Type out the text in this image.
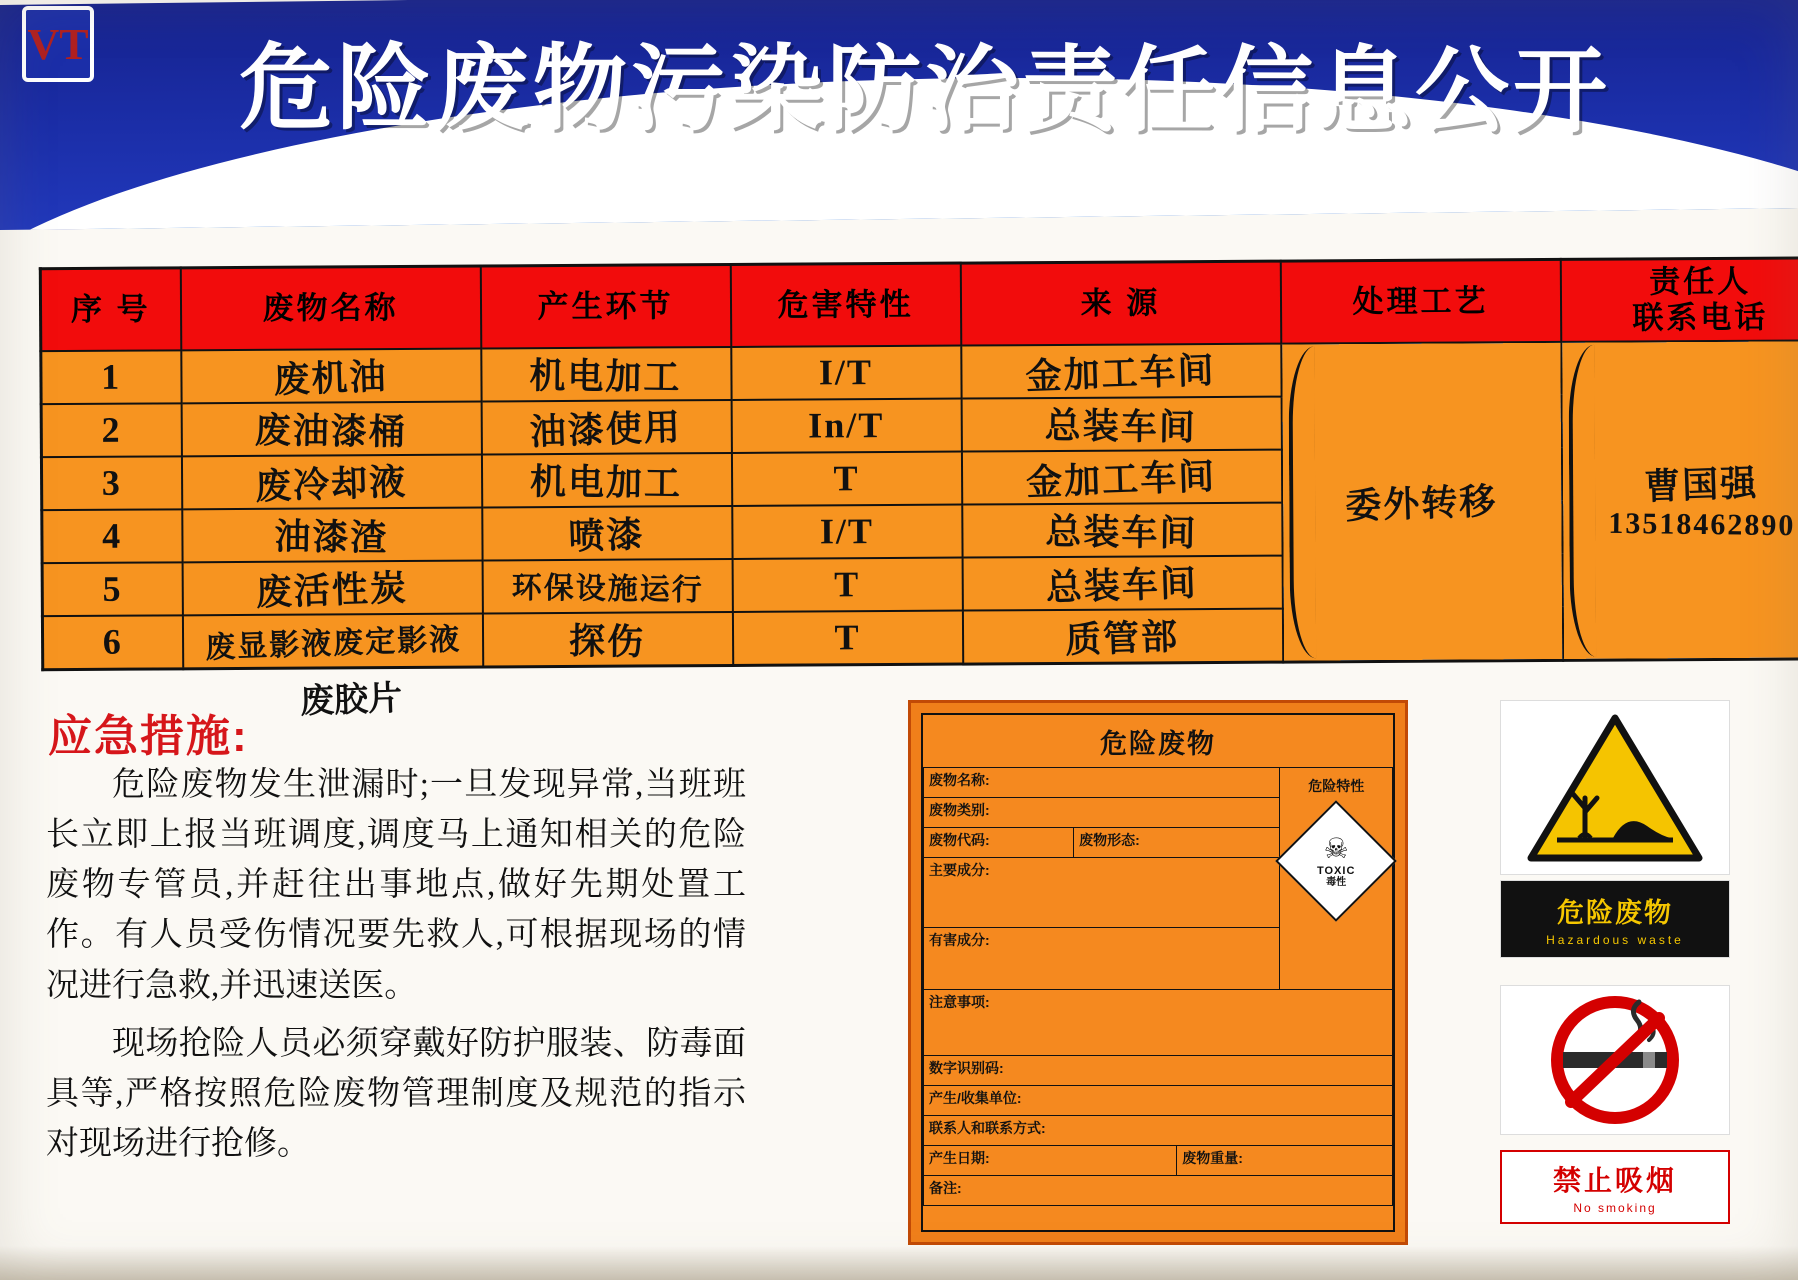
VT	危险废物污染防治责任信息公开
序 号	废物名称	产生环节	危害特性	来 源	处理工艺	责任人
联系电话

1	废机油	机电加工	I/T	金加工车间	委外转移	曹国强
13518462890

2	废油漆桶	油漆使用	In/T	总装车间		
3	废冷却液	机电加工	T	金加工车间		
4	油漆渣	喷漆	I/T	总装车间		
5	废活性炭	环保设施运行	T	总装车间		
6	废显影液废定影液	探伤	T	质管部		
废胶片
应急措施:

危险废物发生泄漏时;一旦发现异常,当班班长立即上报当班调度,调度马上通知相关的危险废物专管员,并赶往出事地点,做好先期处置工作。有人员受伤情况要先救人,可根据现场的情况进行急救,并迅速送医。

现场抢险人员必须穿戴好防护服装、防毒面具等,严格按照危险废物管理制度及规范的指示对现场进行抢修。

危险废物
废物名称:			危险特性
☠
TOXIC
毒性

废物类别:			
废物代码:	废物形态:		
主要成分:			
有害成分:			
注意事项:			
数字识别码:			
产生/收集单位:			
联系人和联系方式:			
产生日期:		废物重量:	
备注:			
危险废物
Hazardous waste
禁止吸烟
No smoking
